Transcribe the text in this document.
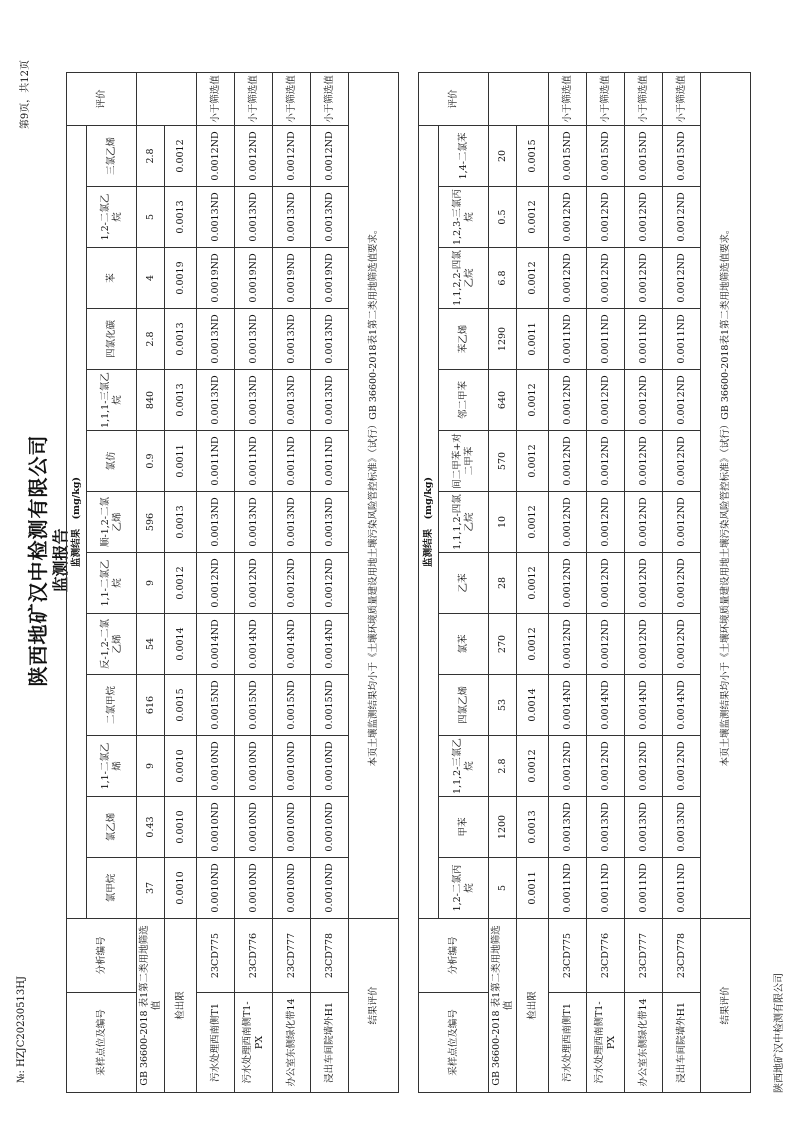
№: HZJC20230513HJ
第9页，共12页
陕西地矿汉中检测有限公司 监测报告
采样点位及编号	分析编号	监测结果　(mg/kg)													评价
		氯甲烷	氯乙烯	1,1-二氯乙烯	二氯甲烷	反-1,2-二氯乙烯	1,1-二氯乙烷	顺-1,2-二氯乙烯	氯仿	1,1,1-三氯乙烷	四氯化碳	苯	1,2-二氯乙烷	三氯乙烯	
GB 36600-2018 表1第二类用地筛选值		37	0.43	9	616	54	9	596	0.9	840	2.8	4	5	2.8	
检出限		0.0010	0.0010	0.0010	0.0015	0.0014	0.0012	0.0013	0.0011	0.0013	0.0013	0.0019	0.0013	0.0012	
污水处理西南侧T1	23CD775	0.0010ND	0.0010ND	0.0010ND	0.0015ND	0.0014ND	0.0012ND	0.0013ND	0.0011ND	0.0013ND	0.0013ND	0.0019ND	0.0013ND	0.0012ND	小于筛选值
污水处理西南侧T1-PX	23CD776	0.0010ND	0.0010ND	0.0010ND	0.0015ND	0.0014ND	0.0012ND	0.0013ND	0.0011ND	0.0013ND	0.0013ND	0.0019ND	0.0013ND	0.0012ND	小于筛选值
办公室东侧绿化带14	23CD777	0.0010ND	0.0010ND	0.0010ND	0.0015ND	0.0014ND	0.0012ND	0.0013ND	0.0011ND	0.0013ND	0.0013ND	0.0019ND	0.0013ND	0.0012ND	小于筛选值
浸出车间院墙外H1	23CD778	0.0010ND	0.0010ND	0.0010ND	0.0015ND	0.0014ND	0.0012ND	0.0013ND	0.0011ND	0.0013ND	0.0013ND	0.0019ND	0.0013ND	0.0012ND	小于筛选值
结果评价		本页土壤监测结果均小于《土壤环境质量建设用地土壤污染风险管控标准》（试行）GB 36600-2018表1第二类用地筛选值要求。													
采样点位及编号	分析编号	监测结果　(mg/kg)													评价
		1,2-二氯丙烷	甲苯	1,1,2-三氯乙烷	四氯乙烯	氯苯	乙苯	1,1,1,2-四氯乙烷	间二甲苯+对二甲苯	邻二甲苯	苯乙烯	1,1,2,2-四氯乙烷	1,2,3-三氯丙烷	1,4-二氯苯	
GB 36600-2018 表1第二类用地筛选值		5	1200	2.8	53	270	28	10	570	640	1290	6.8	0.5	20	
检出限		0.0011	0.0013	0.0012	0.0014	0.0012	0.0012	0.0012	0.0012	0.0012	0.0011	0.0012	0.0012	0.0015	
污水处理西南侧T1	23CD775	0.0011ND	0.0013ND	0.0012ND	0.0014ND	0.0012ND	0.0012ND	0.0012ND	0.0012ND	0.0012ND	0.0011ND	0.0012ND	0.0012ND	0.0015ND	小于筛选值
污水处理西南侧T1-PX	23CD776	0.0011ND	0.0013ND	0.0012ND	0.0014ND	0.0012ND	0.0012ND	0.0012ND	0.0012ND	0.0012ND	0.0011ND	0.0012ND	0.0012ND	0.0015ND	小于筛选值
办公室东侧绿化带14	23CD777	0.0011ND	0.0013ND	0.0012ND	0.0014ND	0.0012ND	0.0012ND	0.0012ND	0.0012ND	0.0012ND	0.0011ND	0.0012ND	0.0012ND	0.0015ND	小于筛选值
浸出车间院墙外H1	23CD778	0.0011ND	0.0013ND	0.0012ND	0.0014ND	0.0012ND	0.0012ND	0.0012ND	0.0012ND	0.0012ND	0.0011ND	0.0012ND	0.0012ND	0.0015ND	小于筛选值
结果评价		本页土壤监测结果均小于《土壤环境质量建设用地土壤污染风险管控标准》（试行）GB 36600-2018表1第二类用地筛选值要求。													
陕西地矿汉中检测有限公司
